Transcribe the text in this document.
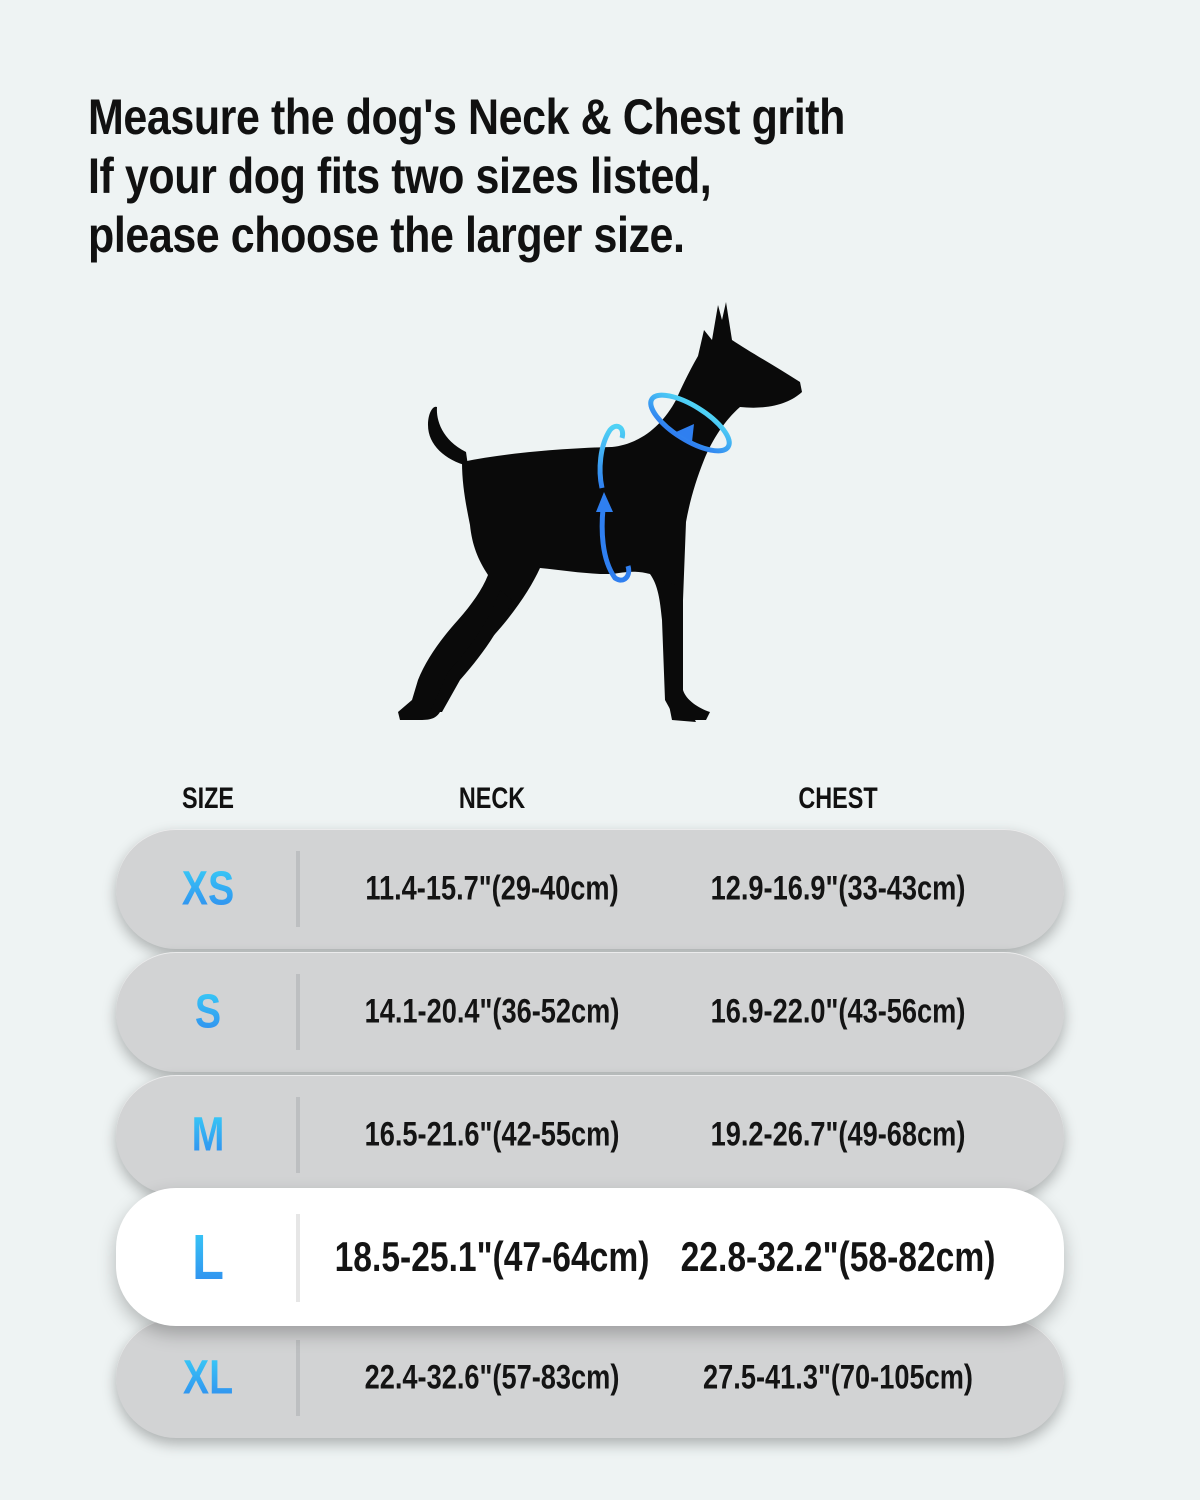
Measure the dog's Neck & Chest grith
If your dog fits two sizes listed,
please choose the larger size.
SIZE	NECK	CHEST
XS	11.4-15.7"(29-40cm)	12.9-16.9"(33-43cm)
S	14.1-20.4"(36-52cm)	16.9-22.0"(43-56cm)
M	16.5-21.6"(42-55cm)	19.2-26.7"(49-68cm)
L	18.5-25.1"(47-64cm) 22.8-32.2"(58-82cm)
XL	22.4-32.6"(57-83cm) 27.5-41.3"(70-105cm)
